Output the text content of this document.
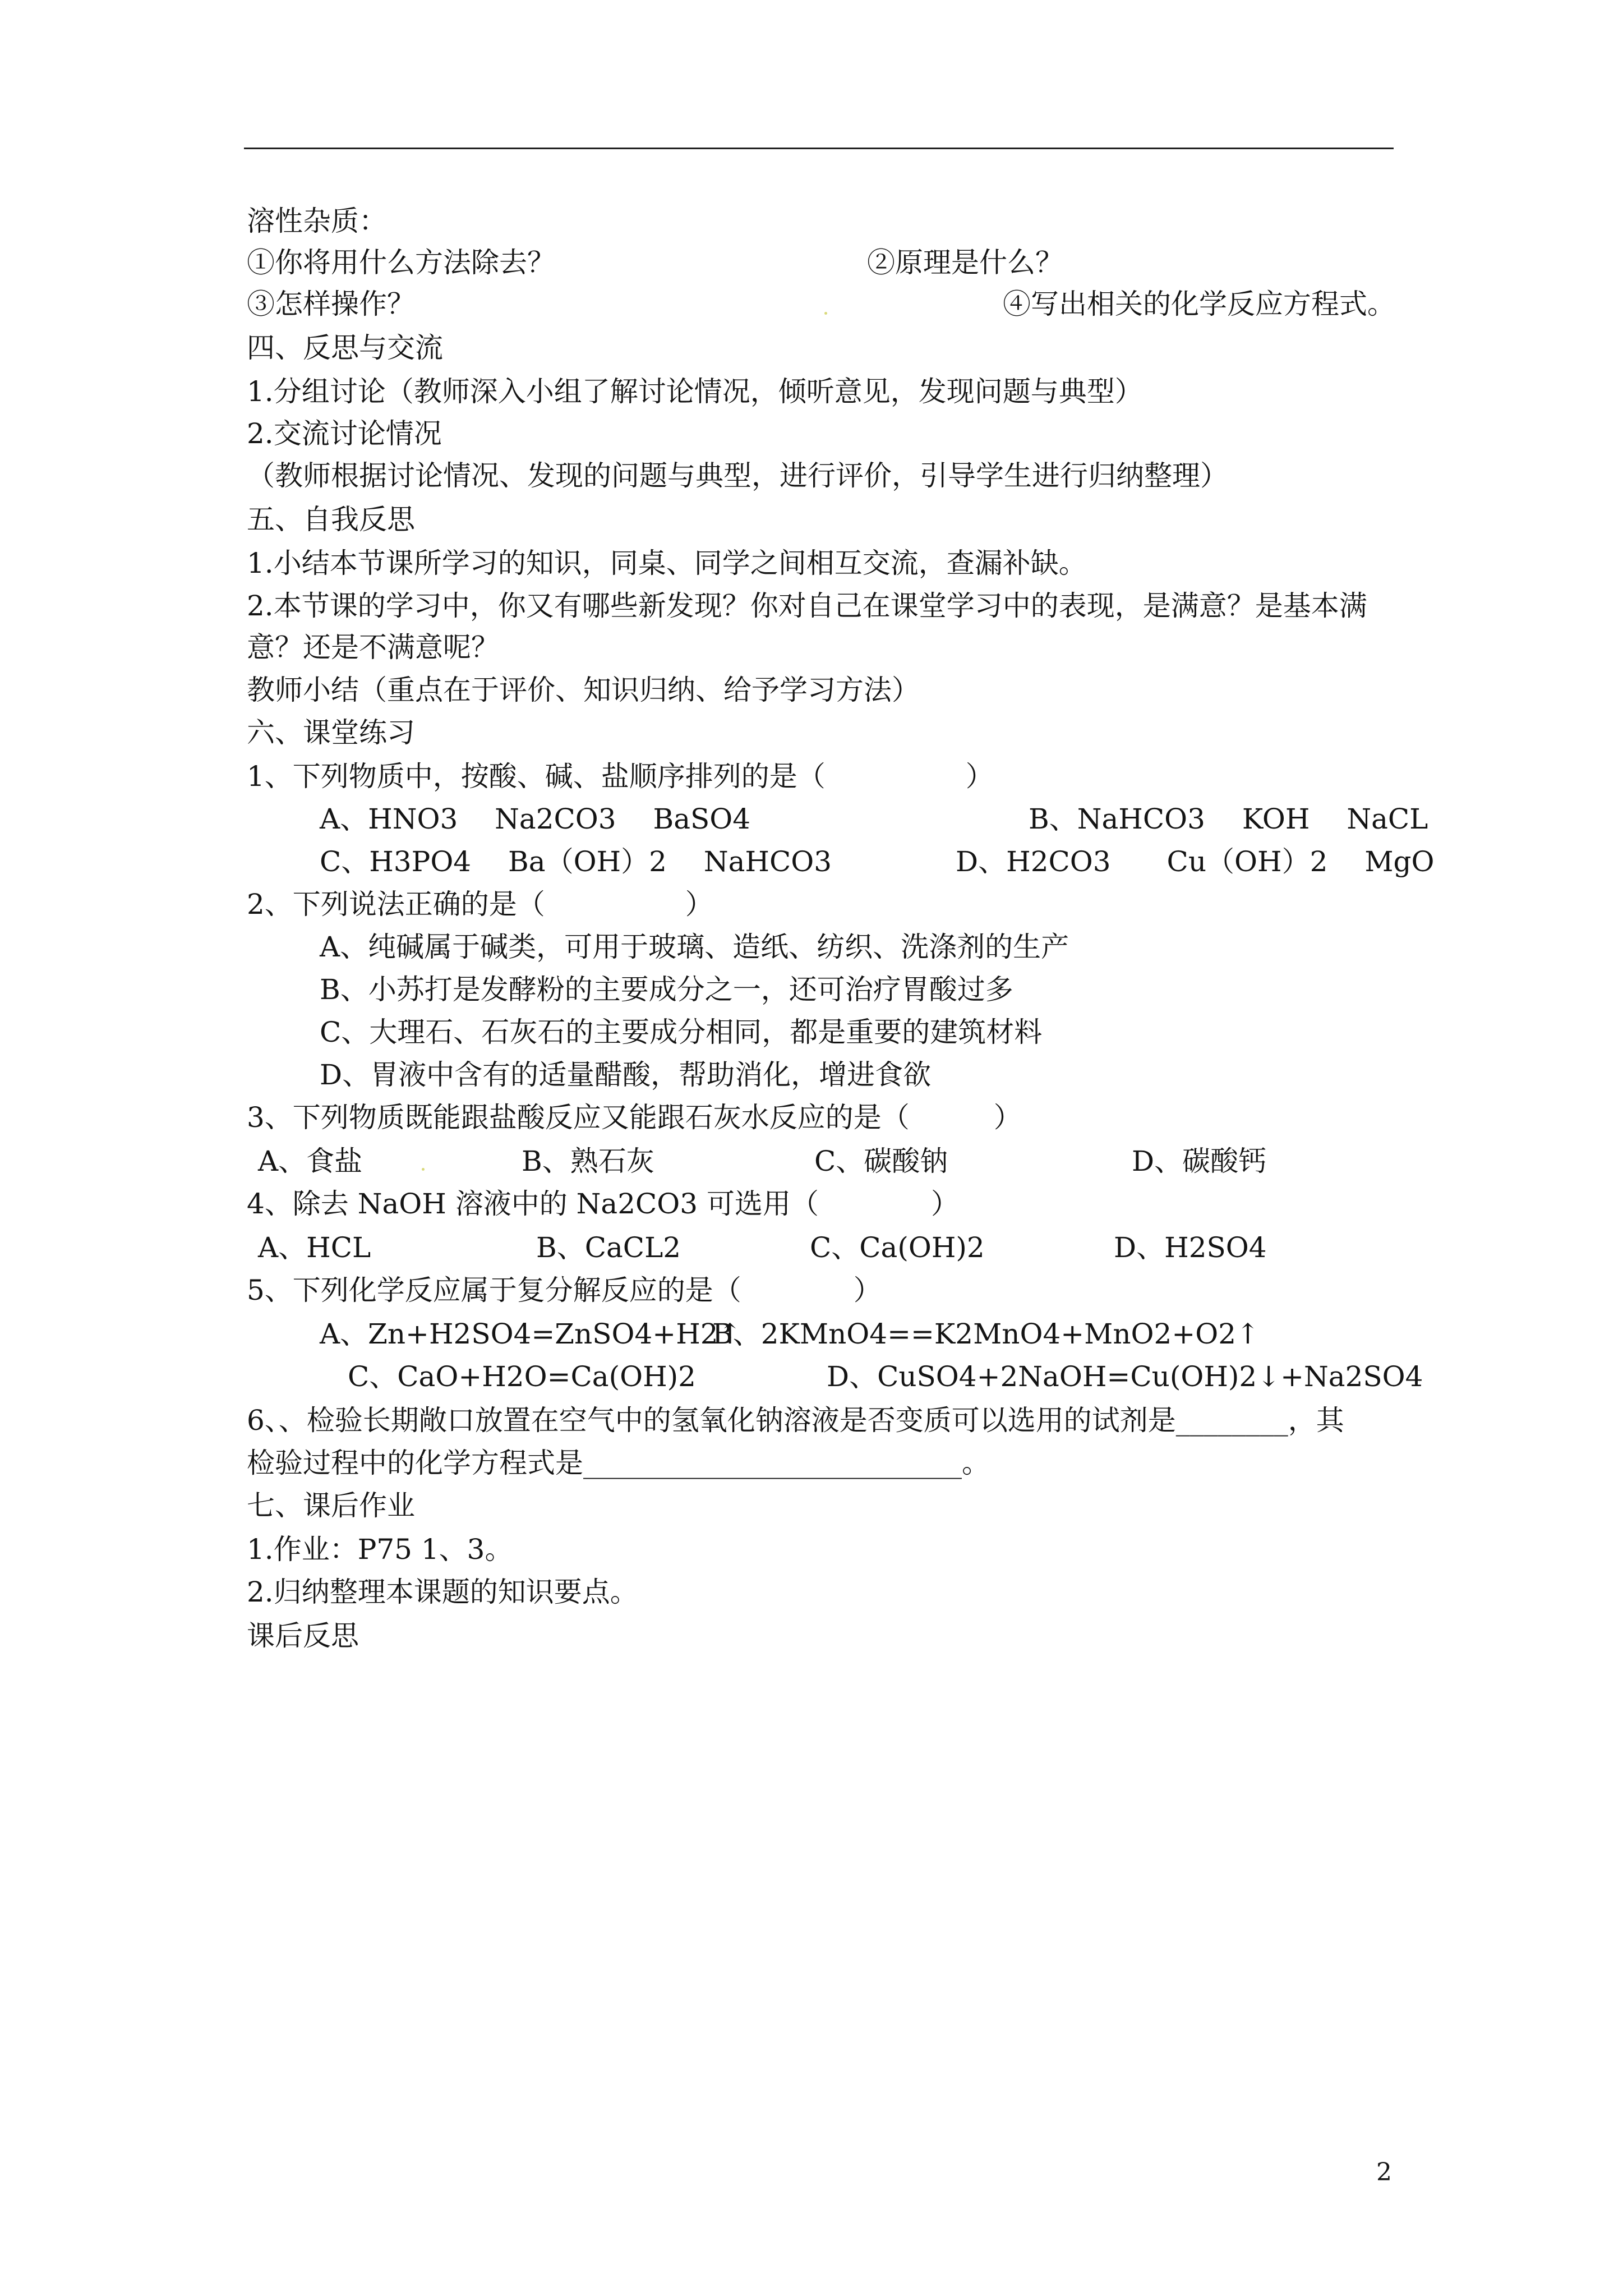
溶性杂质：
①你将用什么方法除去？	②原理是什么？
③怎样操作？	④写出相关的化学反应方程式。
四、反思与交流
1.分组讨论（教师深入小组了解讨论情况，倾听意见，发现问题与典型）
2.交流讨论情况
（教师根据讨论情况、发现的问题与典型，进行评价，引导学生进行归纳整理）
五、自我反思
1.小结本节课所学习的知识，同桌、同学之间相互交流，查漏补缺。
2.本节课的学习中，你又有哪些新发现？你对自己在课堂学习中的表现，是满意？是基本满
意？还是不满意呢？
教师小结（重点在于评价、知识归纳、给予学习方法）
六、课堂练习
1、下列物质中，按酸、碱、盐顺序排列的是（　　　　　）
A、HNO3　 Na2CO3　 BaSO4	B、NaHCO3　 KOH　 NaCL
C、H3PO4　 Ba（OH）2　 NaHCO3	D、H2CO3　　Cu（OH）2　 MgO
2、下列说法正确的是（　　　　　）
A、纯碱属于碱类，可用于玻璃、造纸、纺织、洗涤剂的生产
B、小苏打是发酵粉的主要成分之一，还可治疗胃酸过多
C、大理石、石灰石的主要成分相同，都是重要的建筑材料
D、胃液中含有的适量醋酸，帮助消化，增进食欲
3、下列物质既能跟盐酸反应又能跟石灰水反应的是（　　　）
A、食盐	B、熟石灰	C、碳酸钠	D、碳酸钙
4、除去 NaOH 溶液中的 Na2CO3 可选用（　　　　）
A、HCL	B、CaCL2	C、Ca(OH)2	D、H2SO4
5、下列化学反应属于复分解反应的是（　　　　）
A、Zn+H2SO4=ZnSO4+H2↑
B、2KMnO4==K2MnO4+MnO2+O2↑
C、CaO+H2O=Ca(OH)2	D、CuSO4+2NaOH=Cu(OH)2↓+Na2SO4
6、、检验长期敞口放置在空气中的氢氧化钠溶液是否变质可以选用的试剂是________，其
检验过程中的化学方程式是___________________________。
七、课后作业
1.作业：P75 1、3。
2.归纳整理本课题的知识要点。
课后反思
2
